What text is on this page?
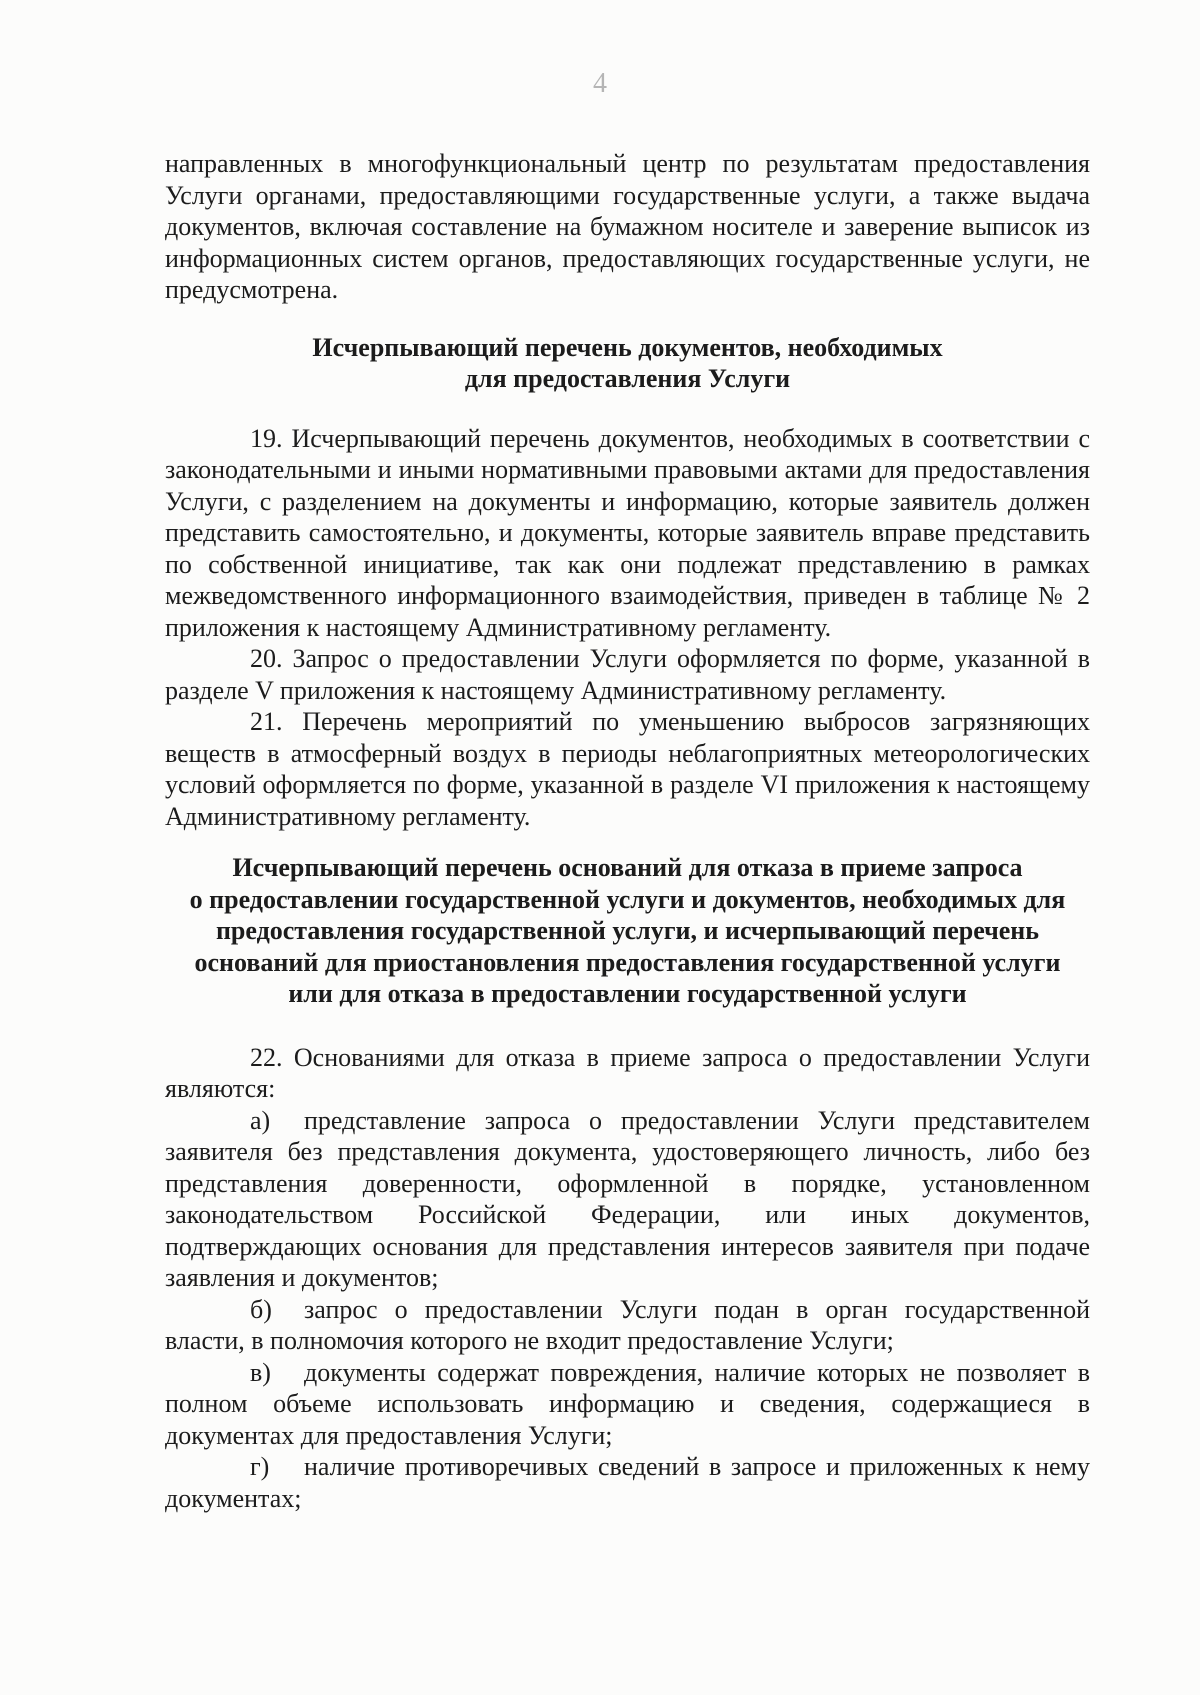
4

направленных в многофункциональный центр по результатам предоставления Услуги органами, предоставляющими государственные услуги, а также выдача документов, включая составление на бумажном носителе и заверение выписок из информационных систем органов, предоставляющих государственные услуги, не предусмотрена.

Исчерпывающий перечень документов, необходимых
для предоставления Услуги

19. Исчерпывающий перечень документов, необходимых в соответствии с законодательными и иными нормативными правовыми актами для предоставления Услуги, с разделением на документы и информацию, которые заявитель должен представить самостоятельно, и документы, которые заявитель вправе представить по собственной инициативе, так как они подлежат представлению в рамках межведомственного информационного взаимодействия, приведен в таблице № 2 приложения к настоящему Административному регламенту.

20. Запрос о предоставлении Услуги оформляется по форме, указанной в разделе V приложения к настоящему Административному регламенту.

21. Перечень мероприятий по уменьшению выбросов загрязняющих веществ в атмосферный воздух в периоды неблагоприятных метеорологических условий оформляется по форме, указанной в разделе VI приложения к настоящему Административному регламенту.

Исчерпывающий перечень оснований для отказа в приеме запроса
о предоставлении государственной услуги и документов, необходимых для
предоставления государственной услуги, и исчерпывающий перечень
оснований для приостановления предоставления государственной услуги
или для отказа в предоставлении государственной услуги

22. Основаниями для отказа в приеме запроса о предоставлении Услуги являются:

а) представление запроса о предоставлении Услуги представителем заявителя без представления документа, удостоверяющего личность, либо без представления доверенности, оформленной в порядке, установленном законодательством Российской Федерации, или иных документов, подтверждающих основания для представления интересов заявителя при подаче заявления и документов;

б) запрос о предоставлении Услуги подан в орган государственной власти, в полномочия которого не входит предоставление Услуги;

в) документы содержат повреждения, наличие которых не позволяет в полном объеме использовать информацию и сведения, содержащиеся в документах для предоставления Услуги;

г) наличие противоречивых сведений в запросе и приложенных к нему документах;
